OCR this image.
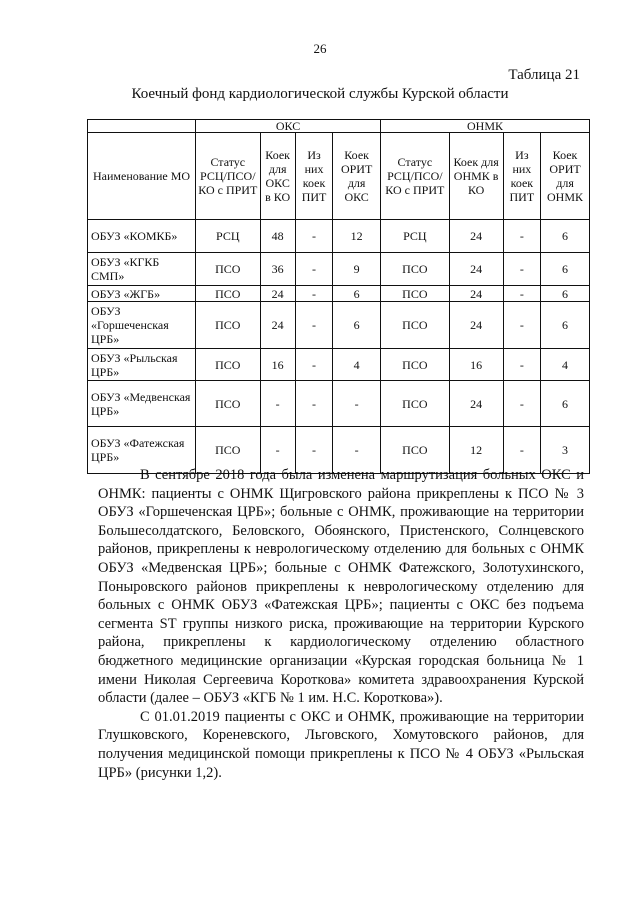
26
Таблица 21
Коечный фонд кардиологической службы Курской области
	ОКС				ОНМК			
Наименование МО	Статус РСЦ/ПСО/ КО с ПРИТ	Коек для ОКС в КО	Из них коек ПИТ	Коек ОРИТ для ОКС	Статус РСЦ/ПСО/ КО с ПРИТ	Коек для ОНМК в КО	Из них коек ПИТ	Коек ОРИТ для ОНМК
ОБУЗ «КОМКБ»	РСЦ	48	-	12	РСЦ	24	-	6
ОБУЗ «КГКБ СМП»	ПСО	36	-	9	ПСО	24	-	6
ОБУЗ «ЖГБ»	ПСО	24	-	6	ПСО	24	-	6
ОБУЗ «Горшеченская ЦРБ»	ПСО	24	-	6	ПСО	24	-	6
ОБУЗ «Рыльская ЦРБ»	ПСО	16	-	4	ПСО	16	-	4
ОБУЗ «Медвенская ЦРБ»	ПСО	-	-	-	ПСО	24	-	6
ОБУЗ «Фатежская ЦРБ»	ПСО	-	-	-	ПСО	12	-	3

В сентябре 2018 года была изменена маршрутизация больных ОКС и ОНМК: пациенты с ОНМК Щигровского района прикреплены к ПСО № 3 ОБУЗ «Горшеченская ЦРБ»; больные с ОНМК, проживающие на территории Большесолдатского, Беловского, Обоянского, Пристенского, Солнцевского районов, прикреплены к неврологическому отделению для больных с ОНМК ОБУЗ «Медвенская ЦРБ»; больные с ОНМК Фатежского, Золотухинского, Поныровского районов прикреплены к неврологическому отделению для больных с ОНМК ОБУЗ «Фатежская ЦРБ»; пациенты с ОКС без подъема сегмента ST группы низкого риска, проживающие на территории Курского района, прикреплены к кардиологическому отделению областного бюджетного медицинские организации «Курская городская больница № 1 имени Николая Сергеевича Короткова» комитета здравоохранения Курской области (далее – ОБУЗ «КГБ № 1 им. Н.С. Короткова»).

С 01.01.2019 пациенты с ОКС и ОНМК, проживающие на территории Глушковского, Кореневского, Льговского, Хомутовского районов, для получения медицинской помощи прикреплены к ПСО № 4 ОБУЗ «Рыльская ЦРБ» (рисунки 1,2).
